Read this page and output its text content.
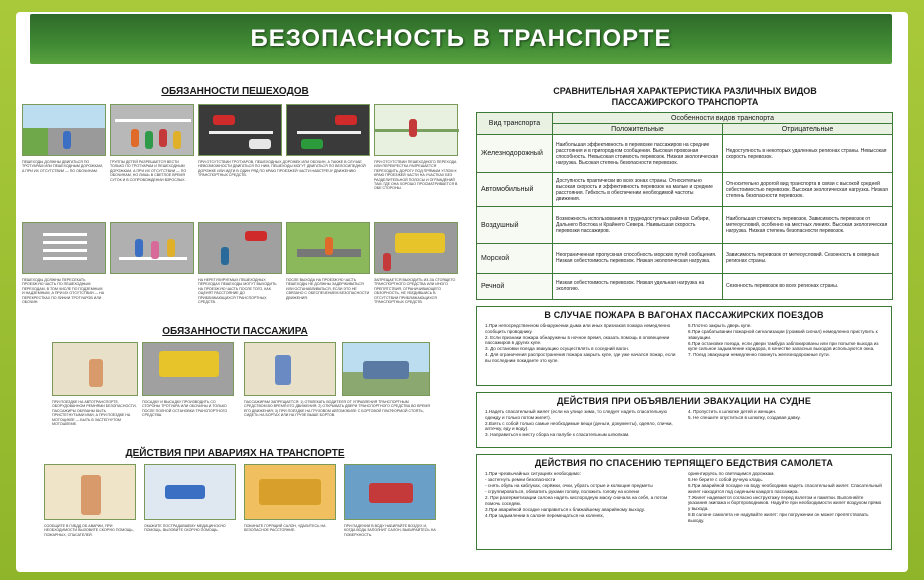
БЕЗОПАСНОСТЬ В ТРАНСПОРТЕ
ОБЯЗАННОСТИ ПЕШЕХОДОВ
ПЕШЕХОДЫ ДОЛЖНЫ ДВИГАТЬСЯ ПО ТРОТУАРАМ ИЛИ ПЕШЕХОДНЫМ ДОРОЖКАМ, А ПРИ ИХ ОТСУТСТВИИ — ПО ОБОЧИНАМ.
ГРУППЫ ДЕТЕЙ РАЗРЕШАЕТСЯ ВЕСТИ ТОЛЬКО ПО ТРОТУАРАМ И ПЕШЕХОДНЫМ ДОРОЖКАМ, А ПРИ ИХ ОТСУТСТВИИ — ПО ОБОЧИНАМ, НО ЛИШЬ В СВЕТЛОЕ ВРЕМЯ СУТОК И В СОПРОВОЖДЕНИИ ВЗРОСЛЫХ.
ПРИ ОТСУТСТВИИ ТРОТУАРОВ, ПЕШЕХОДНЫХ ДОРОЖЕК ИЛИ ОБОЧИН, А ТАКЖЕ В СЛУЧАЕ НЕВОЗМОЖНОСТИ ДВИГАТЬСЯ ПО НИМ, ПЕШЕХОДЫ МОГУТ ДВИГАТЬСЯ ПО ВЕЛОСИПЕДНОЙ ДОРОЖКЕ ИЛИ ИДТИ В ОДИН РЯД ПО КРАЮ ПРОЕЗЖЕЙ ЧАСТИ НАВСТРЕЧУ ДВИЖЕНИЮ ТРАНСПОРТНЫХ СРЕДСТВ.
ПРИ ОТСУТСТВИИ ПЕШЕХОДНОГО ПЕРЕХОДА ИЛИ ПЕРЕКРЕСТКА РАЗРЕШАЕТСЯ ПЕРЕХОДИТЬ ДОРОГУ ПОД ПРЯМЫМ УГЛОМ К КРАЮ ПРОЕЗЖЕЙ ЧАСТИ НА УЧАСТКАХ БЕЗ РАЗДЕЛИТЕЛЬНОЙ ПОЛОСЫ И ОГРАЖДЕНИЙ ТАМ, ГДЕ ОНА ХОРОШО ПРОСМАТРИВАЕТСЯ В ОБЕ СТОРОНЫ.
ПЕШЕХОДЫ ДОЛЖНЫ ПЕРЕСЕКАТЬ ПРОЕЗЖУЮ ЧАСТЬ ПО ПЕШЕХОДНЫМ ПЕРЕХОДАМ, В ТОМ ЧИСЛЕ ПО ПОДЗЕМНЫМ И НАДЗЕМНЫМ, А ПРИ ИХ ОТСУТСТВИИ — НА ПЕРЕКРЕСТКАХ ПО ЛИНИИ ТРОТУАРОВ ИЛИ ОБОЧИН.
НА НЕРЕГУЛИРУЕМЫХ ПЕШЕХОДНЫХ ПЕРЕХОДАХ ПЕШЕХОДЫ МОГУТ ВЫХОДИТЬ НА ПРОЕЗЖУЮ ЧАСТЬ ПОСЛЕ ТОГО, КАК ОЦЕНЯТ РАССТОЯНИЕ ДО ПРИБЛИЖАЮЩИХСЯ ТРАНСПОРТНЫХ СРЕДСТВ.
ПОСЛЕ ВЫХОДА НА ПРОЕЗЖУЮ ЧАСТЬ ПЕШЕХОДЫ НЕ ДОЛЖНЫ ЗАДЕРЖИВАТЬСЯ ИЛИ ОСТАНАВЛИВАТЬСЯ, ЕСЛИ ЭТО НЕ СВЯЗАНО С ОБЕСПЕЧЕНИЕМ БЕЗОПАСНОСТИ ДВИЖЕНИЯ.
ЗАПРЕЩАЕТСЯ ВЫХОДИТЬ ИЗ-ЗА СТОЯЩЕГО ТРАНСПОРТНОГО СРЕДСТВА ИЛИ ИНОГО ПРЕПЯТСТВИЯ, ОГРАНИЧИВАЮЩЕГО ОБЗОРНОСТЬ, НЕ УБЕДИВШИСЬ В ОТСУТСТВИИ ПРИБЛИЖАЮЩИХСЯ ТРАНСПОРТНЫХ СРЕДСТВ.
ОБЯЗАННОСТИ ПАССАЖИРА
ПРИ ПОЕЗДКЕ НА АВТОТРАНСПОРТЕ, ОБОРУДОВАННОМ РЕМНЯМИ БЕЗОПАСНОСТИ, ПАССАЖИРЫ ОБЯЗАНЫ БЫТЬ ПРИСТЕГНУТЫМИ ИМИ, А ПРИ ПОЕЗДКЕ НА МОТОЦИКЛЕ — БЫТЬ В ЗАСТЕГНУТОМ МОТОШЛЕМЕ.
ПОСАДКУ И ВЫСАДКУ ПРОИЗВОДИТЬ СО СТОРОНЫ ТРОТУАРА ИЛИ ОБОЧИНЫ И ТОЛЬКО ПОСЛЕ ПОЛНОЙ ОСТАНОВКИ ТРАНСПОРТНОГО СРЕДСТВА.
ПАССАЖИРАМ ЗАПРЕЩАЕТСЯ: 1) ОТВЛЕКАТЬ ВОДИТЕЛЯ ОТ УПРАВЛЕНИЯ ТРАНСПОРТНЫМ СРЕДСТВОМ ВО ВРЕМЯ ЕГО ДВИЖЕНИЯ; 2) ОТКРЫВАТЬ ДВЕРИ ТРАНСПОРТНОГО СРЕДСТВА ВО ВРЕМЯ ЕГО ДВИЖЕНИЯ; 3) ПРИ ПОЕЗДКЕ НА ГРУЗОВОМ АВТОМОБИЛЕ С БОРТОВОЙ ПЛАТФОРМОЙ СТОЯТЬ, СИДЕТЬ НА БОРТАХ ИЛИ НА ГРУЗЕ ВЫШЕ БОРТОВ.
ДЕЙСТВИЯ ПРИ АВАРИЯХ НА ТРАНСПОРТЕ
СООБЩИТЕ В ГИБДД ОБ АВАРИИ, ПРИ НЕОБХОДИМОСТИ ВЫЗОВИТЕ СКОРУЮ ПОМОЩЬ, ПОЖАРНЫХ, СПАСАТЕЛЕЙ.
ОКАЖИТЕ ПОСТРАДАВШЕМУ МЕДИЦИНСКУЮ ПОМОЩЬ, ВЫЗОВИТЕ СКОРУЮ ПОМОЩЬ.
ПОКИНЬТЕ ГОРЯЩИЙ САЛОН, УДАЛИТЕСЬ НА БЕЗОПАСНОЕ РАССТОЯНИЕ.
ПРИ ПАДЕНИИ В ВОДУ НАБИРАЙТЕ ВОЗДУХ И, КОГДА ВОДА ЗАПОЛНИТ САЛОН, ВЫБИРАЙТЕСЬ НА ПОВЕРХНОСТЬ.
СРАВНИТЕЛЬНАЯ ХАРАКТЕРИСТИКА РАЗЛИЧНЫХ ВИДОВ ПАССАЖИРСКОГО ТРАНСПОРТА
Вид транспорта	Особенности видов транспорта	
	Положительные	Отрицательные
Железнодорожный	Наибольшая эффективность в перевозке пассажиров на средние расстояния и в пригородном сообщении. Высокая провозная способность. Невысокая стоимость перевозок. Низкая экологическая нагрузка. Высокая степень безопасности перевозок.	Недоступность в некоторых удаленных регионах страны. Невысокая скорость перевозок.
Автомобильный	Доступность практически во всех зонах страны. Относительно высокая скорость и эффективность перевозок на малые и средние расстояния. Гибкость в обеспечении необходимой частоты движения.	Относительно дорогой вид транспорта в связи с высокой средней себестоимостью перевозок. Высокая экологическая нагрузка. Низкая степень безопасности перевозок.
Воздушный	Возможность использования в труднодоступных районах Сибири, Дальнего Востока и Крайнего Севера. Наивысшая скорость перевозки пассажиров.	Наибольшая стоимость перевозок. Зависимость перевозок от метеоусловий, особенно на местных линиях. Высокая экологическая нагрузка. Низкая степень безопасности перевозок.
Морской	Неограниченная пропускная способность морских путей сообщения. Низкая себестоимость перевозок. Низкая экологическая нагрузка.	Зависимость перевозок от метеоусловий. Сезонность в северных регионах страны.
Речной	Низкая себестоимость перевозок. Низкая удельная нагрузка на экологию.	Сезонность перевозок во всех регионах страны.
В СЛУЧАЕ ПОЖАРА В ВАГОНАХ ПАССАЖИРСКИХ ПОЕЗДОВ

1.При непосредственном обнаружении дыма или иных признаков пожара немедленно сообщить проводнику.

2. Если признаки пожара обнаружены в ночное время, оказать помощь в оповещении пассажиров в других купе.

3. До остановки поезда эвакуацию осуществлять в соседний вагон.

4. Для ограничения распространения пожара закрыть купе, где уже начался пожар, если вы последним покидаете это купе.

5.Плотно закрыть дверь купе.

6.При срабатывании пожарной сигнализации (громкий сигнал) немедленно приступить к эвакуации.

6.При остановке поезда, если двери тамбура заблокированы или при попытке выхода из купе сильное задымление коридора, в качестве запасных выходов используются окна.

7. Поезд эвакуации немедленно покинуть железнодорожные пути.

ДЕЙСТВИЯ ПРИ ОБЪЯВЛЕНИИ ЭВАКУАЦИИ НА СУДНЕ

1.Надеть спасательный жилет (если на улице зима, то следует надеть спасательную одежду и только потом жилет).

2.Взять с собой только самые необходимые вещи (деньги, документы), одеяло, спички, аптечку, еду и воду).

3. Направиться к месту сбора на палубе к спасательным шлюпкам.

4. Пропустить к шлюпке детей и женщин.

5. Не спешите опуститься в шлюпку, создавая давку.

ДЕЙСТВИЯ ПО СПАСЕНИЮ ТЕРПЯЩЕГО БЕДСТВИЯ САМОЛЕТА

1.При чрезвычайных ситуациях необходимо:

- застегнуть ремни безопасности

- снять обувь на каблуках, серёжки, очки, убрать острые и колющие предметы

- сгруппироваться, обхватить руками голову, положить голову на колени

2. При разгерметизации салона надеть кислородную маску сначала на себя, а потом помочь соседям.

3.При аварийной посадке направиться к ближайшему аварийному выходу.

4.При задымлении в салоне перемещаться на коленях,

ориентируясь по светящимся дорожкам.

5.Не берите с собой ручную кладь.

6.При аварийной посадке на воду необходимо надеть спасательный жилет. Спасательный жилет находится под сиденьем каждого пассажира.

7.Жилет надевается согласно инструктажу перед взлетом и памятки. Выполняйте указания экипажа и бортпроводников. Надуйте при необходимости жилет воздухом прямо у выхода.

8.В салоне самолета не надувайте жилет: при погружении он может препятствовать выходу.
